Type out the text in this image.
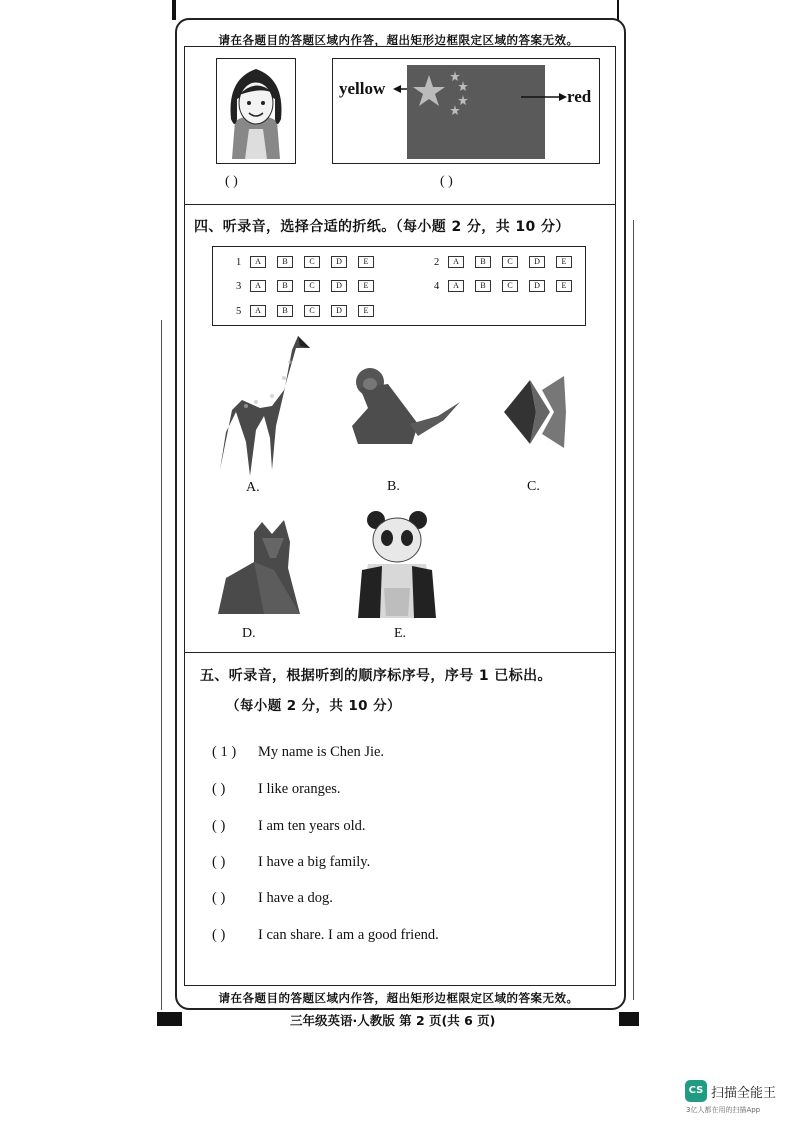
请在各题目的答题区域内作答，超出矩形边框限定区域的答案无效。
yellow	red
( )	( )
四、听录音，选择合适的折纸。（每小题 2 分，共 10 分）
1	A	B	C	D	E	2	A	B	C	D	E
3	A	B	C	D	E	4	A	B	C	D	E
5	A	B	C	D	E
A.	B.	C.
D.	E.
五、听录音，根据听到的顺序标序号，序号 1 已标出。
（每小题 2 分，共 10 分）
( 1 )	My name is Chen Jie.
( )	I like oranges.
( )	I am ten years old.
( )	I have a big family.
( )	I have a dog.
( )	I can share. I am a good friend.
请在各题目的答题区域内作答，超出矩形边框限定区域的答案无效。
三年级英语·人教版 第 2 页(共 6 页)
CS 扫描全能王
3亿人都在用的扫描App
